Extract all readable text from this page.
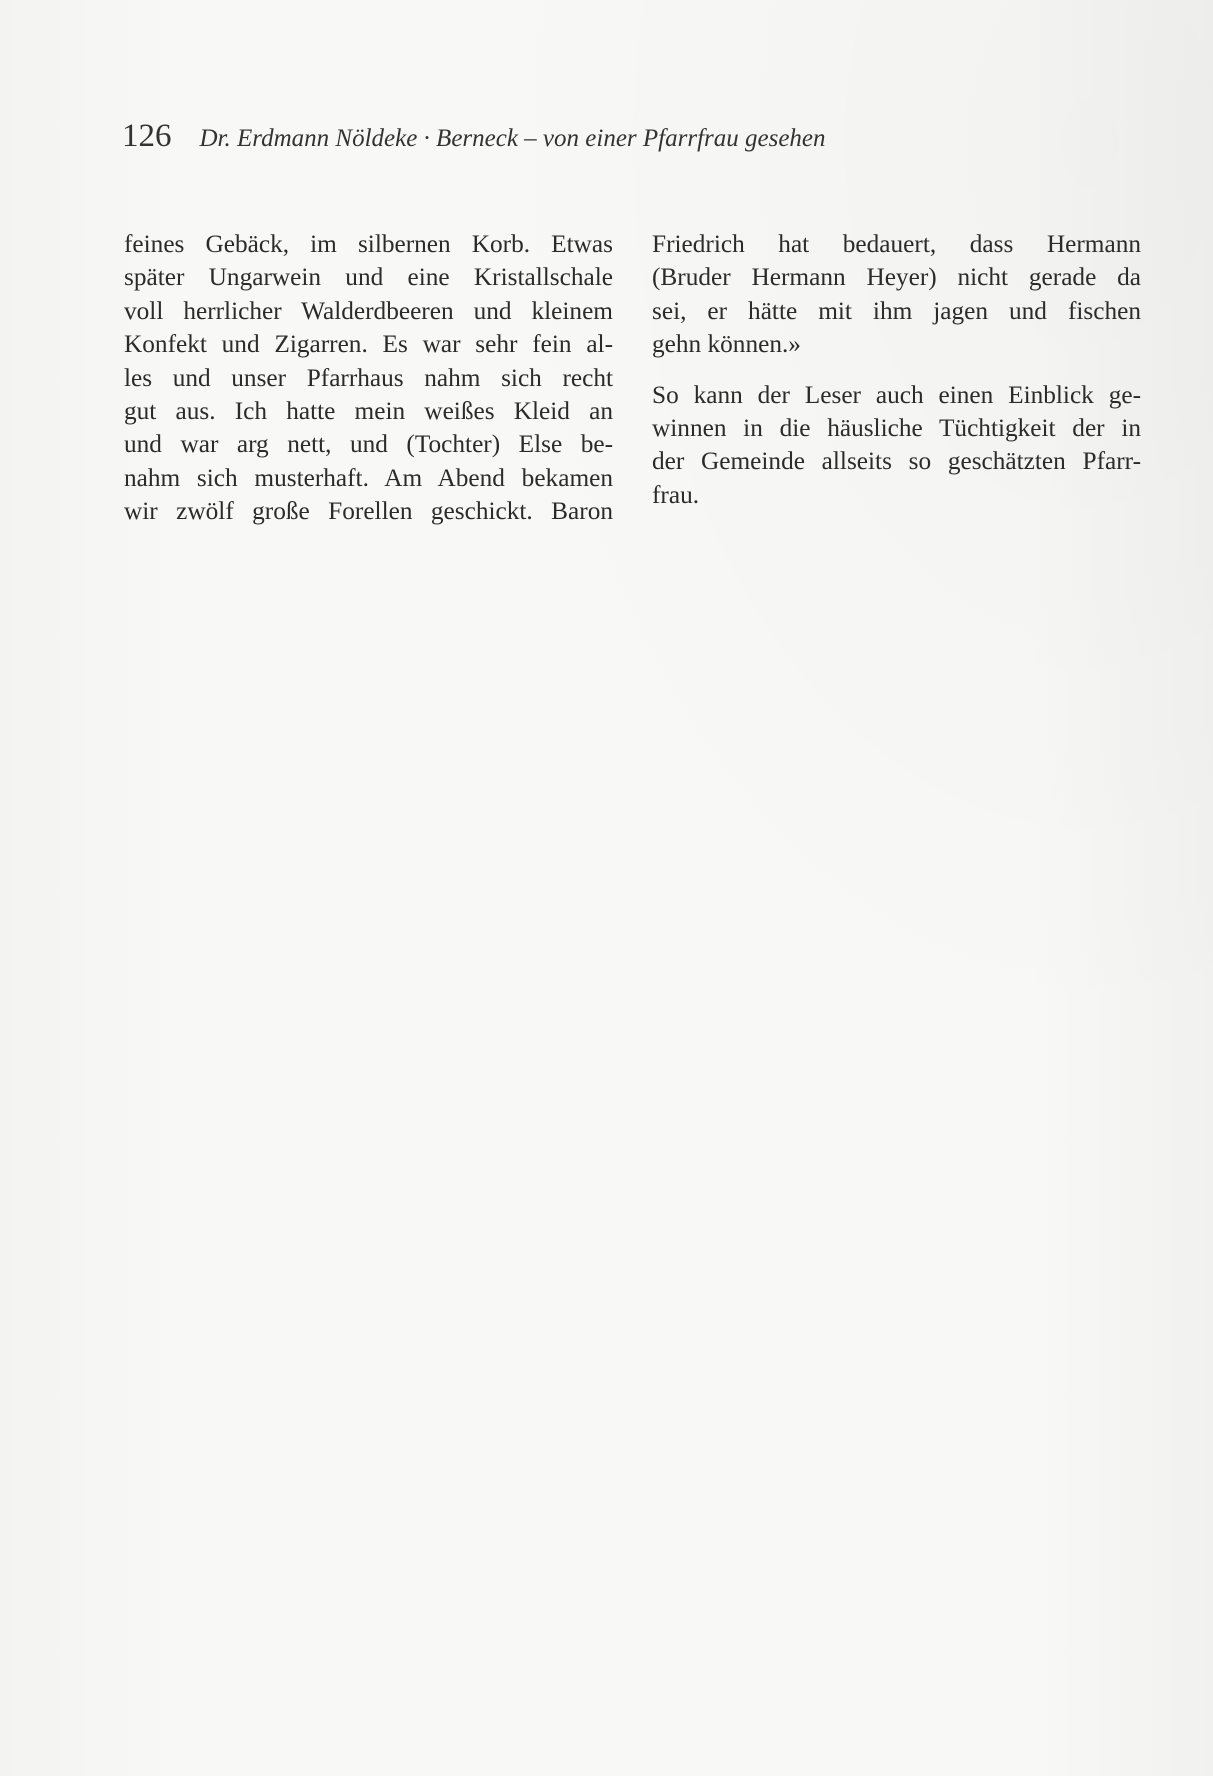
126 Dr. Erdmann Nöldeke · Berneck – von einer Pfarrfrau gesehen
feines Gebäck, im silbernen Korb. Etwas
später Ungarwein und eine Kristallschale
voll herrlicher Walderdbeeren und kleinem
Konfekt und Zigarren. Es war sehr fein al-
les und unser Pfarrhaus nahm sich recht
gut aus. Ich hatte mein weißes Kleid an
und war arg nett, und (Tochter) Else be-
nahm sich musterhaft. Am Abend bekamen
wir zwölf große Forellen geschickt. Baron
Friedrich hat bedauert, dass Hermann
(Bruder Hermann Heyer) nicht gerade da
sei, er hätte mit ihm jagen und fischen
gehn können.»
So kann der Leser auch einen Einblick ge-
winnen in die häusliche Tüchtigkeit der in
der Gemeinde allseits so geschätzten Pfarr-
frau.
